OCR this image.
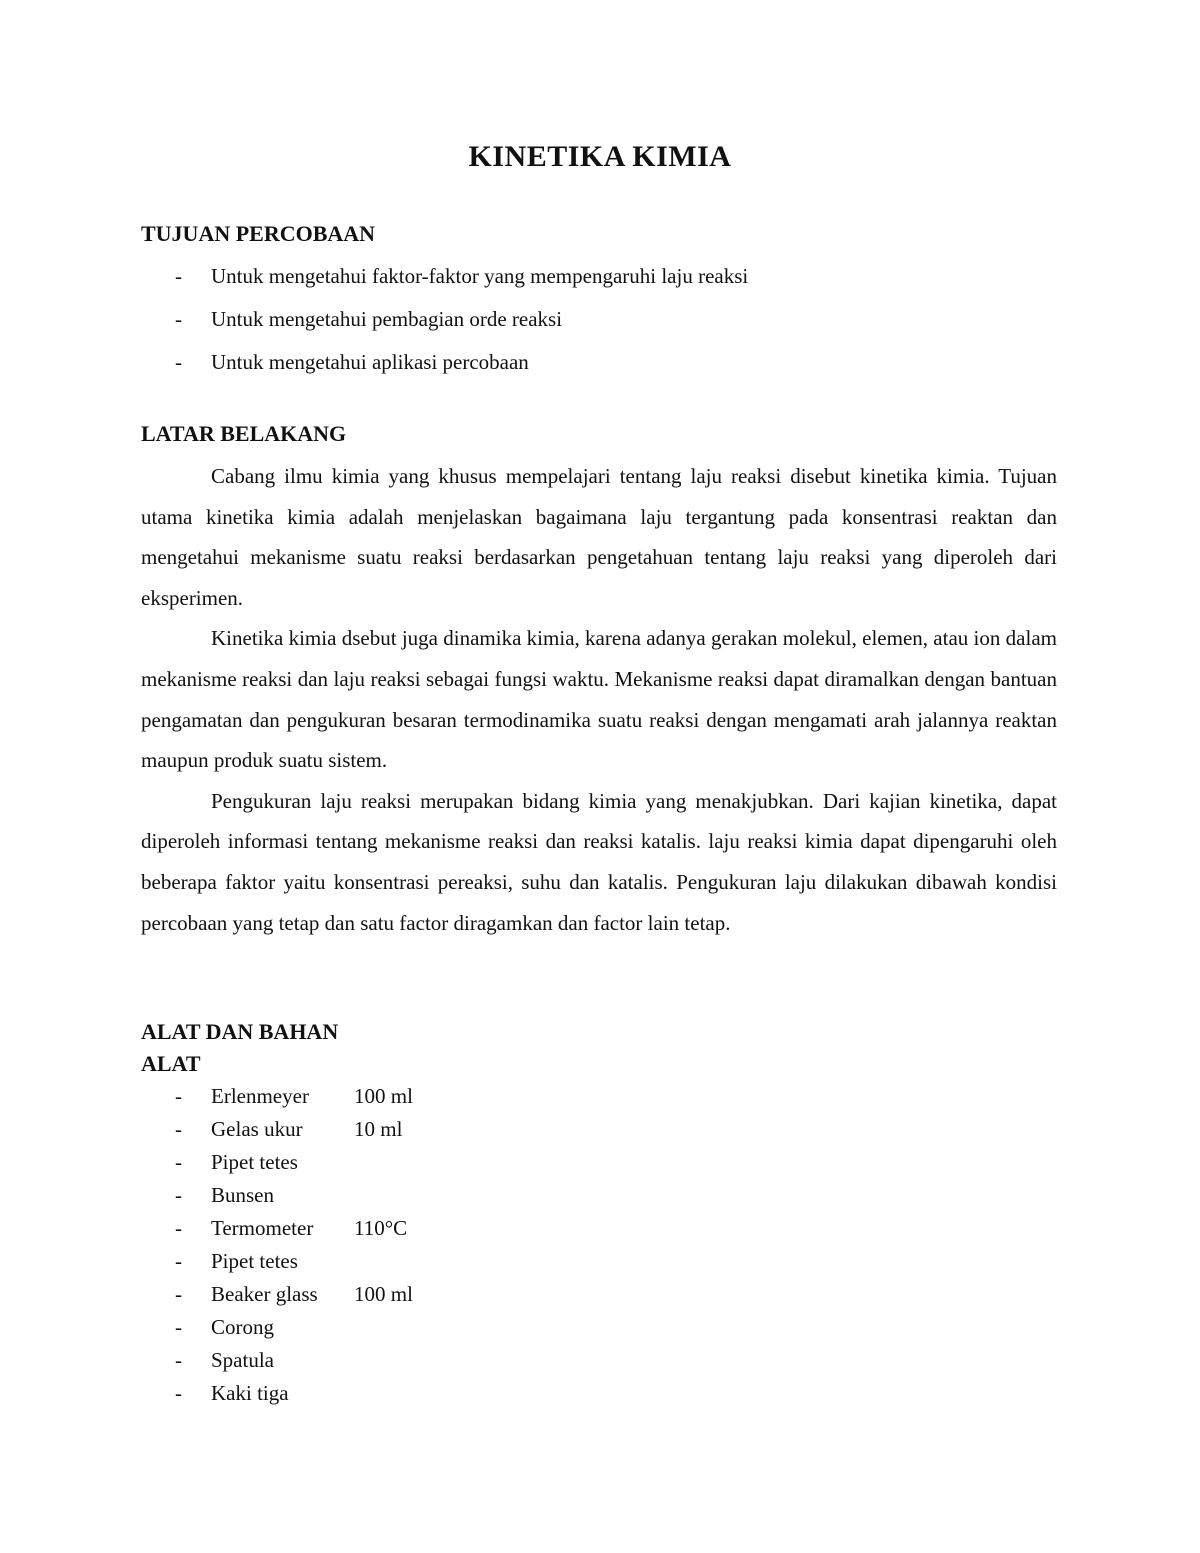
KINETIKA KIMIA
TUJUAN PERCOBAAN
- Untuk mengetahui faktor-faktor yang mempengaruhi laju reaksi
- Untuk mengetahui pembagian orde reaksi
- Untuk mengetahui aplikasi percobaan
LATAR BELAKANG

Cabang ilmu kimia yang khusus mempelajari tentang laju reaksi disebut kinetika kimia. Tujuan utama kinetika kimia adalah menjelaskan bagaimana laju tergantung pada konsentrasi reaktan dan mengetahui mekanisme suatu reaksi berdasarkan pengetahuan tentang laju reaksi yang diperoleh dari eksperimen.

Kinetika kimia dsebut juga dinamika kimia, karena adanya gerakan molekul, elemen, atau ion dalam mekanisme reaksi dan laju reaksi sebagai fungsi waktu. Mekanisme reaksi dapat diramalkan dengan bantuan pengamatan dan pengukuran besaran termodinamika suatu reaksi dengan mengamati arah jalannya reaktan maupun produk suatu sistem.

Pengukuran laju reaksi merupakan bidang kimia yang menakjubkan. Dari kajian kinetika, dapat diperoleh informasi tentang mekanisme reaksi dan reaksi katalis. laju reaksi kimia dapat dipengaruhi oleh beberapa faktor yaitu konsentrasi pereaksi, suhu dan katalis. Pengukuran laju dilakukan dibawah kondisi percobaan yang tetap dan satu factor diragamkan dan factor lain tetap.

ALAT DAN BAHAN
ALAT
- Erlenmeyer 100 ml
- Gelas ukur 10 ml
- Pipet tetes
- Bunsen
- Termometer 110°C
- Pipet tetes
- Beaker glass 100 ml
- Corong
- Spatula
- Kaki tiga
